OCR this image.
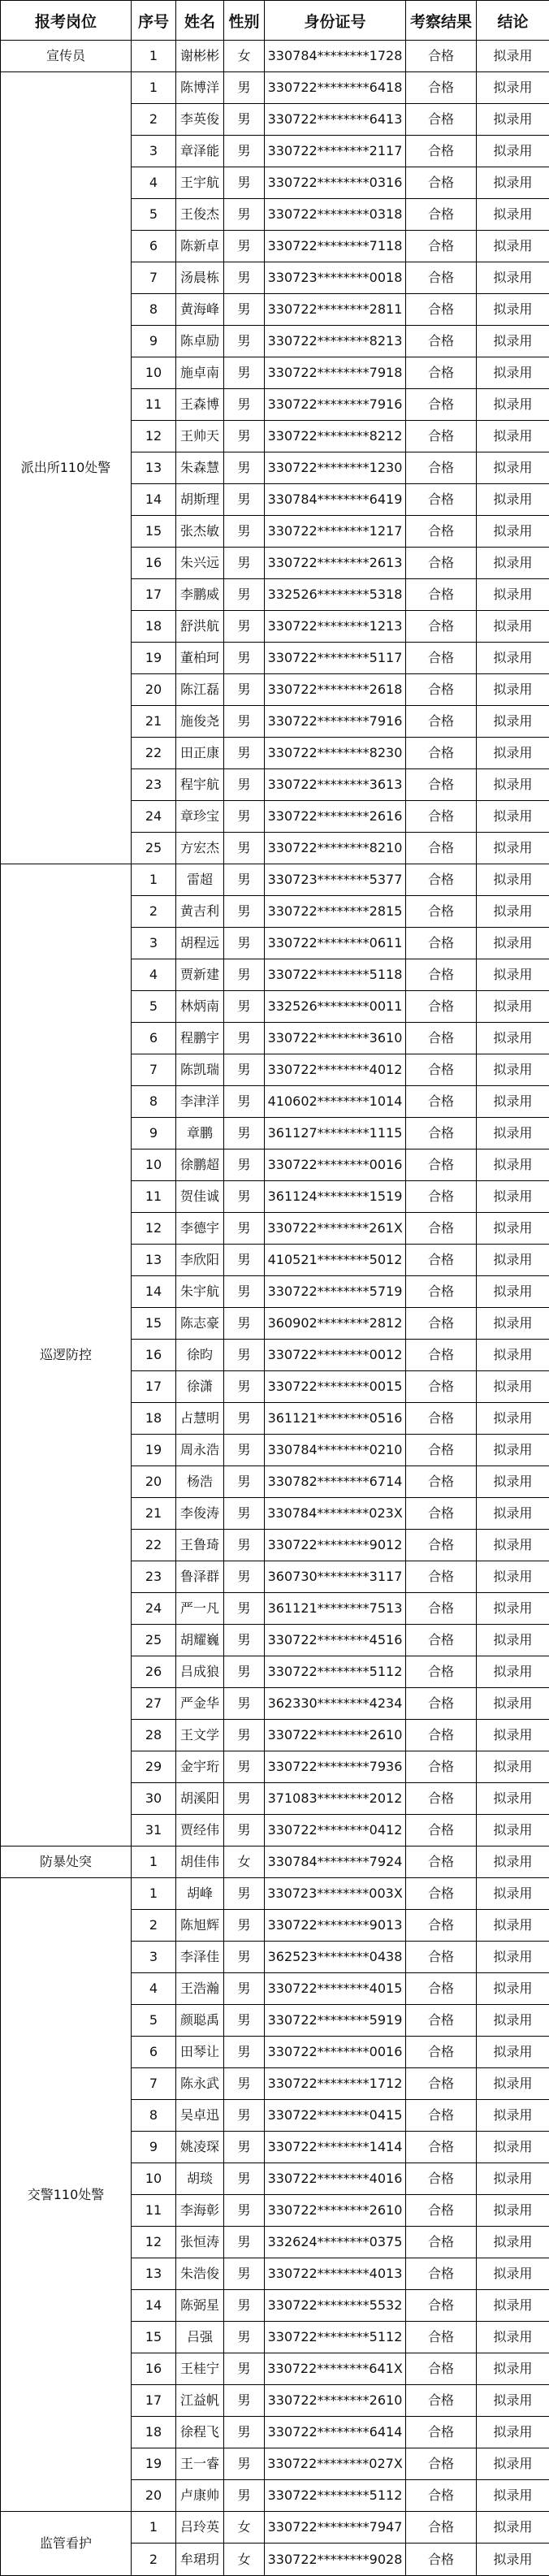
报考岗位	序号	姓名	性别	身份证号	考察结果	结论
宣传员	1	谢彬彬	女	330784********1728	合格	拟录用
派出所110处警	1	陈博洋	男	330722********6418	合格	拟录用
	2	李英俊	男	330722********6413	合格	拟录用
	3	章泽能	男	330722********2117	合格	拟录用
	4	王宇航	男	330722********0316	合格	拟录用
	5	王俊杰	男	330722********0318	合格	拟录用
	6	陈新卓	男	330722********7118	合格	拟录用
	7	汤晨栋	男	330723********0018	合格	拟录用
	8	黄海峰	男	330722********2811	合格	拟录用
	9	陈卓励	男	330722********8213	合格	拟录用
	10	施卓南	男	330722********7918	合格	拟录用
	11	王森博	男	330722********7916	合格	拟录用
	12	王帅天	男	330722********8212	合格	拟录用
	13	朱森慧	男	330722********1230	合格	拟录用
	14	胡斯理	男	330784********6419	合格	拟录用
	15	张杰敏	男	330722********1217	合格	拟录用
	16	朱兴远	男	330722********2613	合格	拟录用
	17	李鹏威	男	332526********5318	合格	拟录用
	18	舒洪航	男	330722********1213	合格	拟录用
	19	董柏珂	男	330722********5117	合格	拟录用
	20	陈江磊	男	330722********2618	合格	拟录用
	21	施俊尧	男	330722********7916	合格	拟录用
	22	田正康	男	330722********8230	合格	拟录用
	23	程宇航	男	330722********3613	合格	拟录用
	24	章珍宝	男	330722********2616	合格	拟录用
	25	方宏杰	男	330722********8210	合格	拟录用
巡逻防控	1	雷超	男	330723********5377	合格	拟录用
	2	黄吉利	男	330722********2815	合格	拟录用
	3	胡程远	男	330722********0611	合格	拟录用
	4	贾新建	男	330722********5118	合格	拟录用
	5	林炳南	男	332526********0011	合格	拟录用
	6	程鹏宇	男	330722********3610	合格	拟录用
	7	陈凯瑞	男	330722********4012	合格	拟录用
	8	李津洋	男	410602********1014	合格	拟录用
	9	章鹏	男	361127********1115	合格	拟录用
	10	徐鹏超	男	330722********0016	合格	拟录用
	11	贺佳诚	男	361124********1519	合格	拟录用
	12	李德宇	男	330722********261X	合格	拟录用
	13	李欣阳	男	410521********5012	合格	拟录用
	14	朱宇航	男	330722********5719	合格	拟录用
	15	陈志豪	男	360902********2812	合格	拟录用
	16	徐昀	男	330722********0012	合格	拟录用
	17	徐潇	男	330722********0015	合格	拟录用
	18	占慧明	男	361121********0516	合格	拟录用
	19	周永浩	男	330784********0210	合格	拟录用
	20	杨浩	男	330782********6714	合格	拟录用
	21	李俊涛	男	330784********023X	合格	拟录用
	22	王鲁琦	男	330722********9012	合格	拟录用
	23	鲁泽群	男	360730********3117	合格	拟录用
	24	严一凡	男	361121********7513	合格	拟录用
	25	胡耀巍	男	330722********4516	合格	拟录用
	26	吕成狼	男	330722********5112	合格	拟录用
	27	严金华	男	362330********4234	合格	拟录用
	28	王文学	男	330722********2610	合格	拟录用
	29	金宇珩	男	330722********7936	合格	拟录用
	30	胡溪阳	男	371083********2012	合格	拟录用
	31	贾经伟	男	330722********0412	合格	拟录用
防暴处突	1	胡佳伟	女	330784********7924	合格	拟录用
交警110处警	1	胡峰	男	330723********003X	合格	拟录用
	2	陈旭辉	男	330722********9013	合格	拟录用
	3	李泽佳	男	362523********0438	合格	拟录用
	4	王浩瀚	男	330722********4015	合格	拟录用
	5	颜聪禹	男	330722********5919	合格	拟录用
	6	田琴让	男	330722********0016	合格	拟录用
	7	陈永武	男	330722********1712	合格	拟录用
	8	吴卓迅	男	330722********0415	合格	拟录用
	9	姚凌琛	男	330722********1414	合格	拟录用
	10	胡琰	男	330722********4016	合格	拟录用
	11	李海彰	男	330722********2610	合格	拟录用
	12	张恒涛	男	332624********0375	合格	拟录用
	13	朱浩俊	男	330722********4013	合格	拟录用
	14	陈弼星	男	330722********5532	合格	拟录用
	15	吕强	男	330722********5112	合格	拟录用
	16	王桂宁	男	330722********641X	合格	拟录用
	17	江益帆	男	330722********2610	合格	拟录用
	18	徐程飞	男	330722********6414	合格	拟录用
	19	王一睿	男	330722********027X	合格	拟录用
	20	卢康帅	男	330722********5112	合格	拟录用
监管看护	1	吕玲英	女	330722********7947	合格	拟录用
	2	牟珺玥	女	330722********9028	合格	拟录用
